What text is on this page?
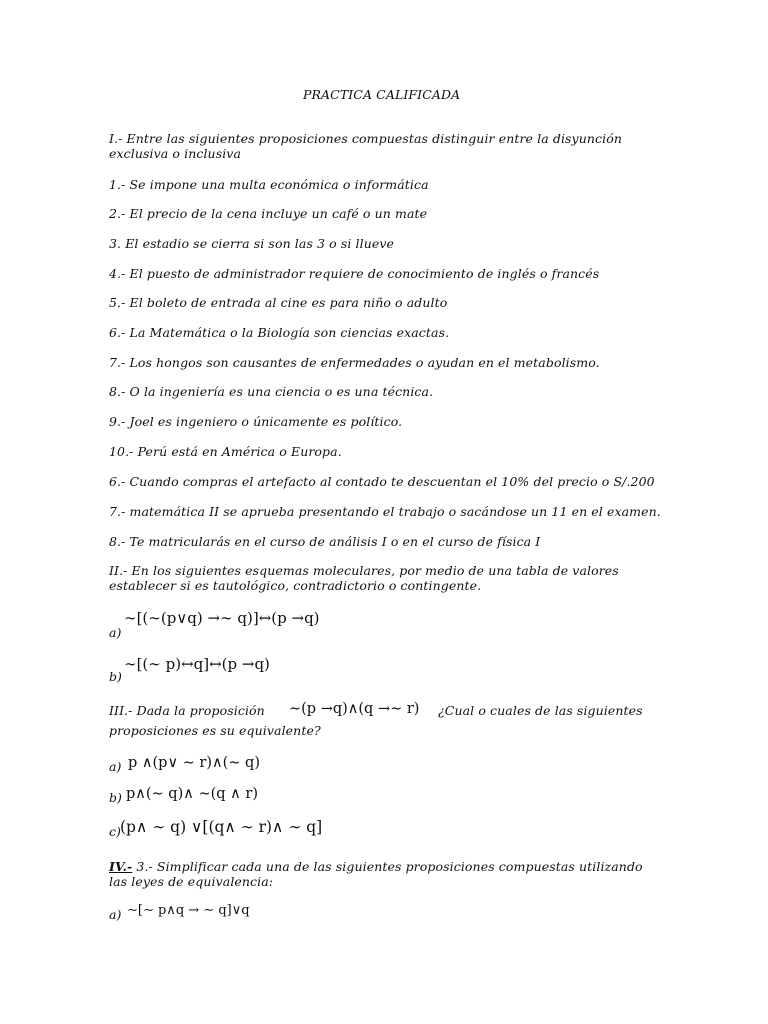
PRACTICA CALIFICADA
I.- Entre las siguientes proposiciones compuestas distinguir entre la disyunción exclusiva o inclusiva
1.- Se impone una multa económica o informática
2.- El precio de la cena incluye un café o un mate
3. El estadio se cierra si son las 3 o si llueve
4.- El puesto de administrador requiere de conocimiento de inglés o francés
5.- El boleto de entrada al cine es para niño o adulto
6.- La Matemática o la Biología son ciencias exactas.
7.- Los hongos son causantes de enfermedades o ayudan en el metabolismo.
8.- O la ingeniería es una ciencia o es una técnica.
9.- Joel es ingeniero o únicamente es político.
10.- Perú está en América o Europa.
6.- Cuando compras el artefacto al contado te descuentan el 10% del precio o S/.200
7.- matemática II se aprueba presentando el trabajo o sacándose un 11 en el examen.
8.- Te matricularás en el curso de análisis I o en el curso de física I
II.- En los siguientes esquemas moleculares, por medio de una tabla de valores establecer si es tautológico, contradictorio o contingente.
a)
∼[(∼(p∨q) →∼ q)]↔(p →q)
b)
∼[(∼ p)↔q]↔(p →q)
III.- Dada la proposición ∼(p →q)∧(q →∼ r) ¿Cual o cuales de las siguientes
proposiciones es su equivalente?
a) p ∧(p∨ ∼ r)∧(∼ q)
b) p∧(∼ q)∧ ∼(q ∧ r)
c) (p∧ ∼ q) ∨[(q∧ ∼ r)∧ ∼ q]
IV.- 3.- Simplificar cada una de las siguientes proposiciones compuestas utilizando las leyes de equivalencia:
a) ∼[∼ p∧q → ∼ q]∨q
